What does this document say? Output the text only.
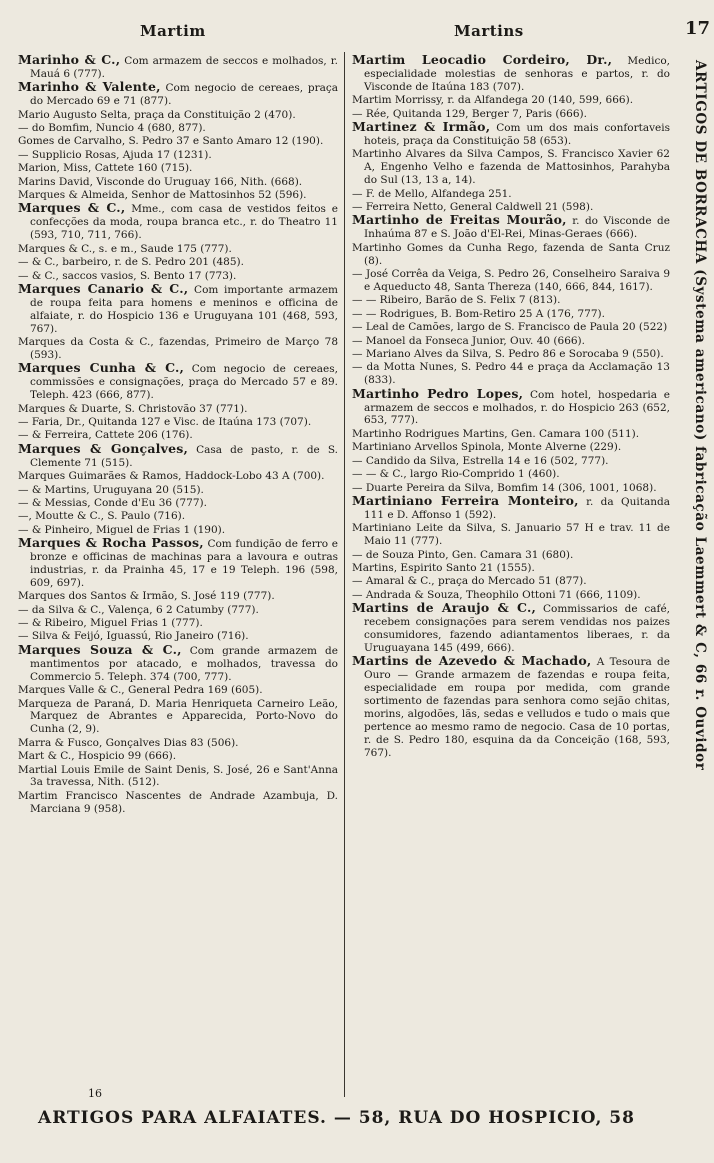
Martim	Martins	17
Marinho & C., Com armazem de seccos e molhados, r. Mauá 6 (777).
Marinho & Valente, Com negocio de cereaes, praça do Mercado 69 e 71 (877).
Mario Augusto Selta, praça da Constituição 2 (470).
— do Bomfim, Nuncio 4 (680, 877).
Gomes de Carvalho, S. Pedro 37 e Santo Amaro 12 (190).
— Supplicio Rosas, Ajuda 17 (1231).
Marion, Miss, Cattete 160 (715).
Marins David, Visconde do Uruguay 166, Nith. (668).
Marques & Almeida, Senhor de Mattosinhos 52 (596).
Marques & C., Mme., com casa de vestidos feitos e confecções da moda, roupa branca etc., r. do Theatro 11 (593, 710, 711, 766).
Marques & C., s. e m., Saude 175 (777).
— & C., barbeiro, r. de S. Pedro 201 (485).
— & C., saccos vasios, S. Bento 17 (773).
Marques Canario & C., Com importante armazem de roupa feita para homens e meninos e officina de alfaiate, r. do Hospicio 136 e Uruguyana 101 (468, 593, 767).
Marques da Costa & C., fazendas, Primeiro de Março 78 (593).
Marques Cunha & C., Com negocio de cereaes, commissões e consignações, praça do Mercado 57 e 89. Teleph. 423 (666, 877).
Marques & Duarte, S. Christovão 37 (771).
— Faria, Dr., Quitanda 127 e Visc. de Itaúna 173 (707).
— & Ferreira, Cattete 206 (176).
Marques & Gonçalves, Casa de pasto, r. de S. Clemente 71 (515).
Marques Guimarães & Ramos, Haddock-Lobo 43 A (700).
— & Martins, Uruguyana 20 (515).
— & Messias, Conde d'Eu 36 (777).
—, Moutte & C., S. Paulo (716).
— & Pinheiro, Miguel de Frias 1 (190).
Marques & Rocha Passos, Com fundição de ferro e bronze e officinas de machinas para a lavoura e outras industrias, r. da Prainha 45, 17 e 19 Teleph. 196 (598, 609, 697).
Marques dos Santos & Irmão, S. José 119 (777).
— da Silva & C., Valença, 6 2 Catumby (777).
— & Ribeiro, Miguel Frias 1 (777).
— Silva & Feijó, Iguassú, Rio Janeiro (716).
Marques Souza & C., Com grande armazem de mantimentos por atacado, e molhados, travessa do Commercio 5. Teleph. 374 (700, 777).
Marques Valle & C., General Pedra 169 (605).
Marqueza de Paraná, D. Maria Henriqueta Carneiro Leão, Marquez de Abrantes e Apparecida, Porto-Novo do Cunha (2, 9).
Marra & Fusco, Gonçalves Dias 83 (506).
Mart & C., Hospicio 99 (666).
Martial Louis Emile de Saint Denis, S. José, 26 e Sant'Anna 3a travessa, Nith. (512).
Martim Francisco Nascentes de Andrade Azambuja, D. Marciana 9 (958).
Martim Leocadio Cordeiro, Dr., Medico, especialidade molestias de senhoras e partos, r. do Visconde de Itaúna 183 (707).
Martim Morrissy, r. da Alfandega 20 (140, 599, 666).
— Rée, Quitanda 129, Berger 7, Paris (666).
Martinez & Irmão, Com um dos mais confortaveis hoteis, praça da Constituição 58 (653).
Martinho Alvares da Silva Campos, S. Francisco Xavier 62 A, Engenho Velho e fazenda de Mattosinhos, Parahyba do Sul (13, 13 a, 14).
— F. de Mello, Alfandega 251.
— Ferreira Netto, General Caldwell 21 (598).
Martinho de Freitas Mourão, r. do Visconde de Inhaúma 87 e S. João d'El-Rei, Minas-Geraes (666).
Martinho Gomes da Cunha Rego, fazenda de Santa Cruz (8).
— José Corrêa da Veiga, S. Pedro 26, Conselheiro Saraiva 9 e Aqueducto 48, Santa Thereza (140, 666, 844, 1617).
— — Ribeiro, Barão de S. Felix 7 (813).
— — Rodrigues, B. Bom-Retiro 25 A (176, 777).
— Leal de Camões, largo de S. Francisco de Paula 20 (522)
— Manoel da Fonseca Junior, Ouv. 40 (666).
— Mariano Alves da Silva, S. Pedro 86 e Sorocaba 9 (550).
— da Motta Nunes, S. Pedro 44 e praça da Acclamação 13 (833).
Martinho Pedro Lopes, Com hotel, hospedaria e armazem de seccos e molhados, r. do Hospicio 263 (652, 653, 777).
Martinho Rodrigues Martins, Gen. Camara 100 (511).
Martiniano Arvellos Spinola, Monte Alverne (229).
— Candido da Silva, Estrella 14 e 16 (502, 777).
— — & C., largo Rio-Comprido 1 (460).
— Duarte Pereira da Silva, Bomfim 14 (306, 1001, 1068).
Martiniano Ferreira Monteiro, r. da Quitanda 111 e D. Affonso 1 (592).
Martiniano Leite da Silva, S. Januario 57 H e trav. 11 de Maio 11 (777).
— de Souza Pinto, Gen. Camara 31 (680).
Martins, Espirito Santo 21 (1555).
— Amaral & C., praça do Mercado 51 (877).
— Andrada & Souza, Theophilo Ottoni 71 (666, 1109).
Martins de Araujo & C., Commissarios de café, recebem consignações para serem vendidas nos paizes consumidores, fazendo adiantamentos liberaes, r. da Uruguayana 145 (499, 666).
Martins de Azevedo & Machado, A Tesoura de Ouro — Grande armazem de fazendas e roupa feita, especialidade em roupa por medida, com grande sortimento de fazendas para senhora como sejão chitas, morins, algodões, lãs, sedas e velludos e tudo o mais que pertence ao mesmo ramo de negocio. Casa de 10 portas, r. de S. Pedro 180, esquina da da Conceição (168, 593, 767).
16
ARTIGOS PARA ALFAIATES. — 58, RUA DO HOSPICIO, 58
ARTIGOS DE BORRACHA (Systema americano) fabricação Laemmert & C, 66 r. Ouvidor
